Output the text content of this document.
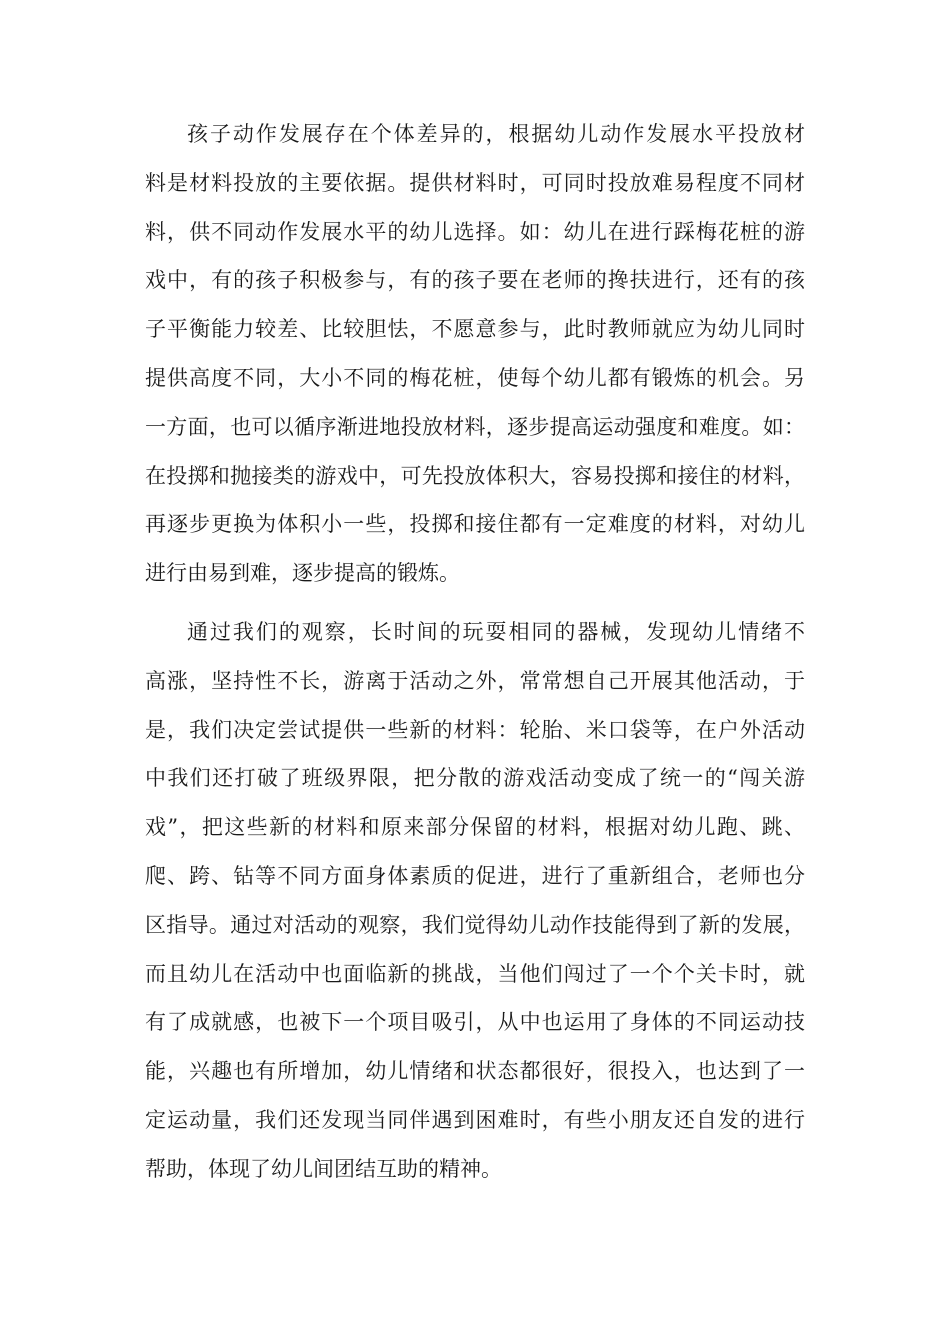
孩子动作发展存在个体差异的，根据幼儿动作发展水平投放材
料是材料投放的主要依据。提供材料时，可同时投放难易程度不同材
料，供不同动作发展水平的幼儿选择。如：幼儿在进行踩梅花桩的游
戏中，有的孩子积极参与，有的孩子要在老师的搀扶进行，还有的孩
子平衡能力较差、比较胆怯，不愿意参与，此时教师就应为幼儿同时
提供高度不同，大小不同的梅花桩，使每个幼儿都有锻炼的机会。另
一方面，也可以循序渐进地投放材料，逐步提高运动强度和难度。如：
在投掷和抛接类的游戏中，可先投放体积大，容易投掷和接住的材料，
再逐步更换为体积小一些，投掷和接住都有一定难度的材料，对幼儿
进行由易到难，逐步提高的锻炼。
通过我们的观察，长时间的玩耍相同的器械，发现幼儿情绪不
高涨，坚持性不长，游离于活动之外，常常想自己开展其他活动，于
是，我们决定尝试提供一些新的材料：轮胎、米口袋等，在户外活动
中我们还打破了班级界限，把分散的游戏活动变成了统一的“闯关游
戏”，把这些新的材料和原来部分保留的材料，根据对幼儿跑、跳、
爬、跨、钻等不同方面身体素质的促进，进行了重新组合，老师也分
区指导。通过对活动的观察，我们觉得幼儿动作技能得到了新的发展，
而且幼儿在活动中也面临新的挑战，当他们闯过了一个个关卡时，就
有了成就感，也被下一个项目吸引，从中也运用了身体的不同运动技
能，兴趣也有所增加，幼儿情绪和状态都很好，很投入，也达到了一
定运动量，我们还发现当同伴遇到困难时，有些小朋友还自发的进行
帮助，体现了幼儿间团结互助的精神。
